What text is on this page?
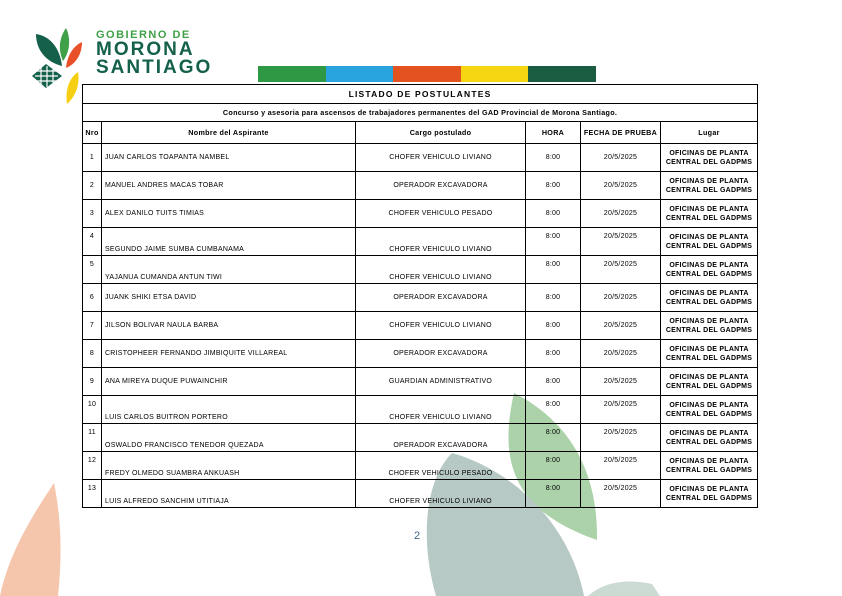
GOBIERNO DE
MORONA
SANTIAGO
LISTADO DE POSTULANTES					
Concurso y asesoria para ascensos de trabajadores permanentes del GAD Provincial de Morona Santiago.					
Nro	Nombre del Aspirante	Cargo postulado	HORA	FECHA DE PRUEBA	Lugar
1	JUAN CARLOS TOAPANTA NAMBEL	CHOFER VEHICULO LIVIANO	8:00	20/5/2025	OFICINAS DE PLANTA CENTRAL DEL GADPMS
2	MANUEL ANDRES MACAS TOBAR	OPERADOR EXCAVADORA	8:00	20/5/2025	OFICINAS DE PLANTA CENTRAL DEL GADPMS
3	ALEX DANILO TUITS TIMIAS	CHOFER VEHICULO PESADO	8:00	20/5/2025	OFICINAS DE PLANTA CENTRAL DEL GADPMS
4	SEGUNDO JAIME SUMBA CUMBANAMA	CHOFER VEHICULO LIVIANO	8:00	20/5/2025	OFICINAS DE PLANTA CENTRAL DEL GADPMS
5	YAJANUA CUMANDA ANTUN TIWI	CHOFER VEHICULO LIVIANO	8:00	20/5/2025	OFICINAS DE PLANTA CENTRAL DEL GADPMS
6	JUANK SHIKI ETSA DAVID	OPERADOR EXCAVADORA	8:00	20/5/2025	OFICINAS DE PLANTA CENTRAL DEL GADPMS
7	JILSON BOLIVAR NAULA BARBA	CHOFER VEHICULO LIVIANO	8:00	20/5/2025	OFICINAS DE PLANTA CENTRAL DEL GADPMS
8	CRISTOPHEER FERNANDO JIMBIQUITE VILLAREAL	OPERADOR EXCAVADORA	8:00	20/5/2025	OFICINAS DE PLANTA CENTRAL DEL GADPMS
9	ANA MIREYA DUQUE PUWAINCHIR	GUARDIAN ADMINISTRATIVO	8:00	20/5/2025	OFICINAS DE PLANTA CENTRAL DEL GADPMS
10	LUIS CARLOS BUITRON PORTERO	CHOFER VEHICULO LIVIANO	8:00	20/5/2025	OFICINAS DE PLANTA CENTRAL DEL GADPMS
11	OSWALDO FRANCISCO TENEDOR QUEZADA	OPERADOR EXCAVADORA	8:00	20/5/2025	OFICINAS DE PLANTA CENTRAL DEL GADPMS
12	FREDY OLMEDO SUAMBRA ANKUASH	CHOFER VEHICULO PESADO	8:00	20/5/2025	OFICINAS DE PLANTA CENTRAL DEL GADPMS
13	LUIS ALFREDO SANCHIM UTITIAJA	CHOFER VEHICULO LIVIANO	8:00	20/5/2025	OFICINAS DE PLANTA CENTRAL DEL GADPMS
2
